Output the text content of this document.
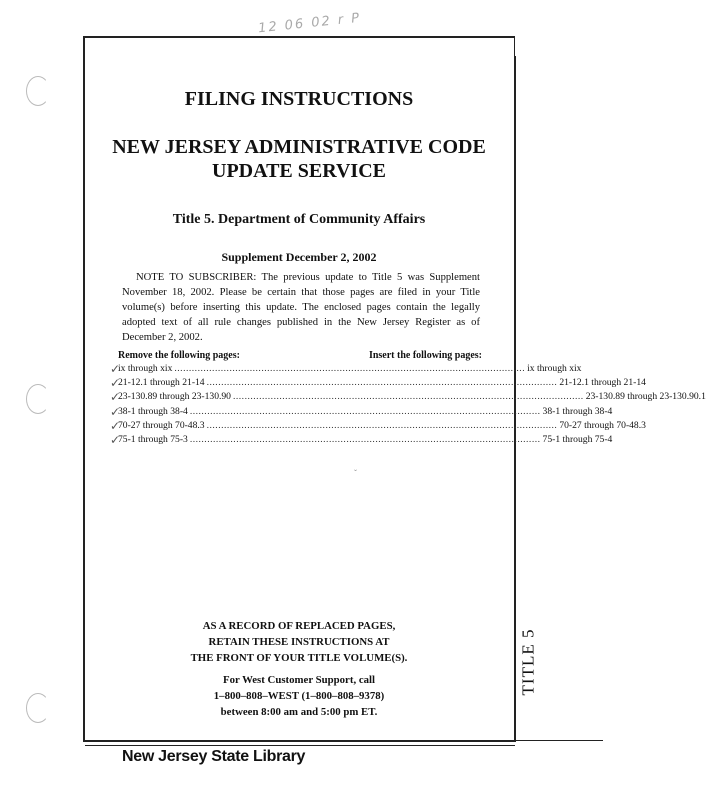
12 06 02 r P
TITLE 5
FILING INSTRUCTIONS
NEW JERSEY ADMINISTRATIVE CODE
UPDATE SERVICE
Title 5. Department of Community Affairs
Supplement December 2, 2002
NOTE TO SUBSCRIBER: The previous update to Title 5 was Supplement November 18, 2002. Please be certain that those pages are filed in your Title volume(s) before inserting this update. The enclosed pages contain the legally adopted text of all rule changes published in the New Jersey Register as of December 2, 2002.
Remove the following pages:	Insert the following pages:
✓
ix through xix ......................................................................................................................... ix through xix
✓
21-12.1 through 21-14 ......................................................................................................................... 21-12.1 through 21-14
✓
23-130.89 through 23-130.90 ......................................................................................................................... 23-130.89 through 23-130.90.1
✓
38-1 through 38-4 ......................................................................................................................... 38-1 through 38-4
✓
70-27 through 70-48.3 ......................................................................................................................... 70-27 through 70-48.3
✓
75-1 through 75-3 ......................................................................................................................... 75-1 through 75-4
ˇ
AS A RECORD OF REPLACED PAGES,
RETAIN THESE INSTRUCTIONS AT
THE FRONT OF YOUR TITLE VOLUME(S).
For West Customer Support, call
1–800–808–WEST (1–800–808–9378)
between 8:00 am and 5:00 pm ET.
New Jersey State Library
